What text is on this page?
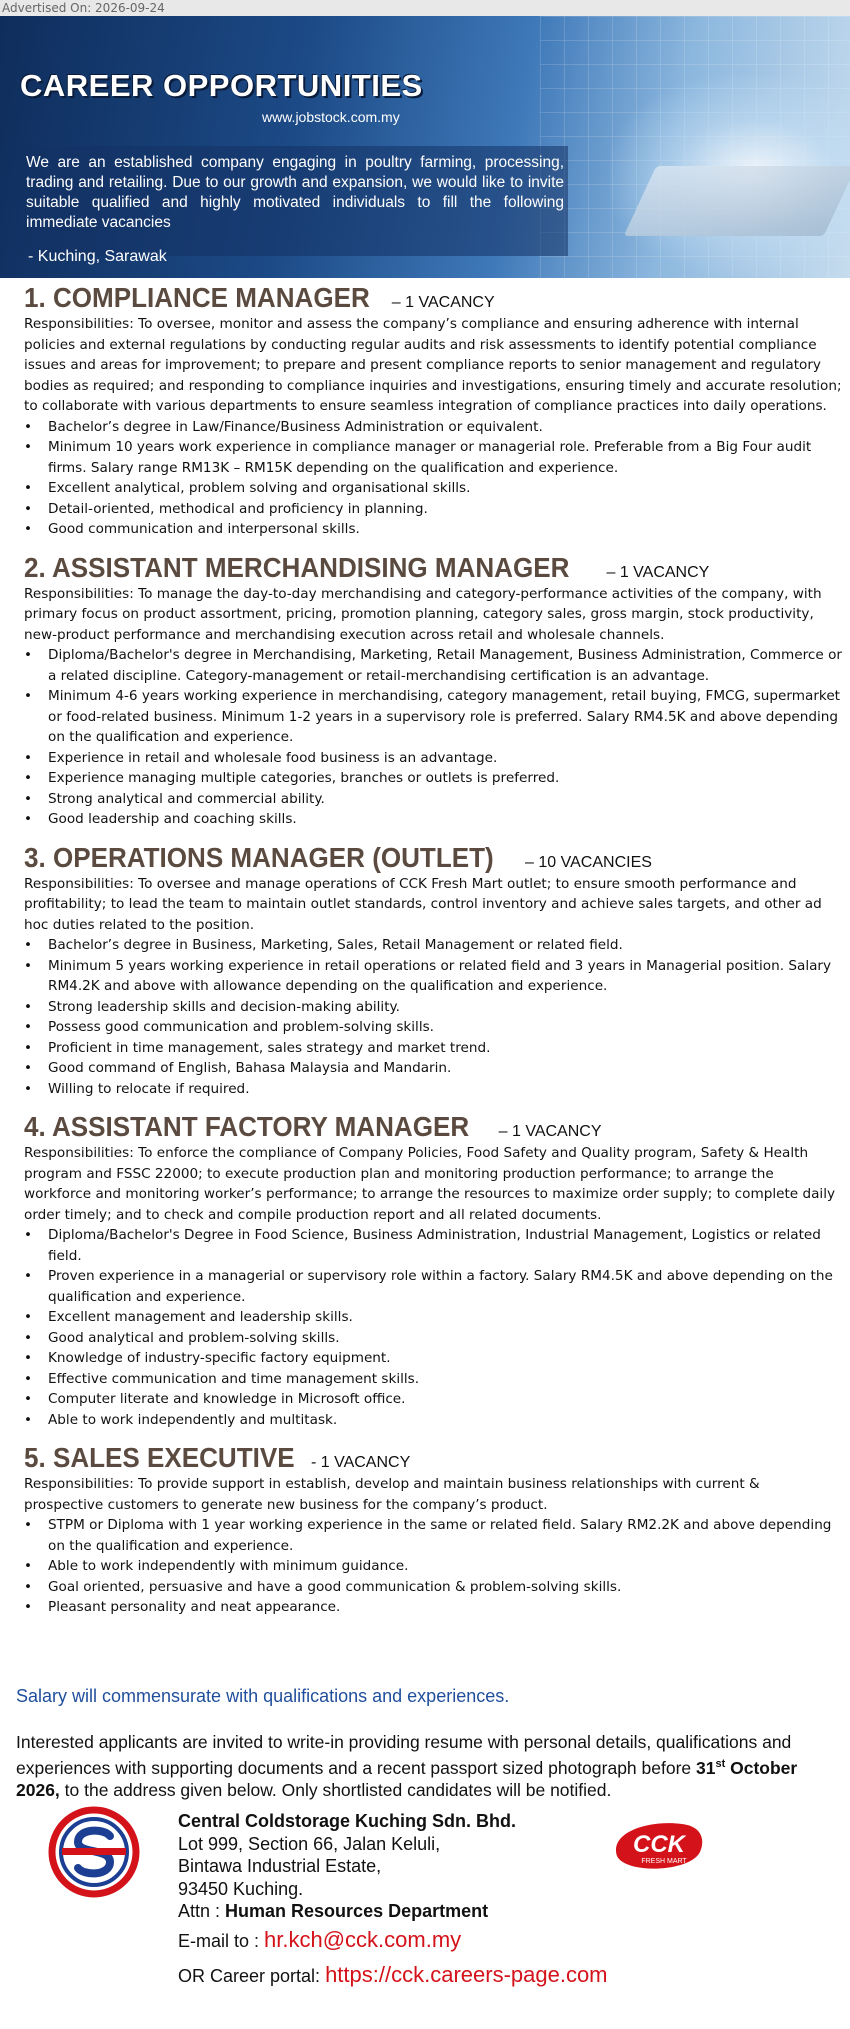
Advertised On: 2026-09-24
CAREER OPPORTUNITIES
www.jobstock.com.my
We are an established company engaging in poultry farming, processing, trading and retailing. Due to our growth and expansion, we would like to invite suitable qualified and highly motivated individuals to fill the following immediate vacancies
- Kuching, Sarawak
1. COMPLIANCE MANAGER – 1 VACANCY
Responsibilities: To oversee, monitor and assess the company’s compliance and ensuring adherence with internal policies and external regulations by conducting regular audits and risk assessments to identify potential compliance issues and areas for improvement; to prepare and present compliance reports to senior management and regulatory bodies as required; and responding to compliance inquiries and investigations, ensuring timely and accurate resolution; to collaborate with various departments to ensure seamless integration of compliance practices into daily operations.
• Bachelor’s degree in Law/Finance/Business Administration or equivalent.
• Minimum 10 years work experience in compliance manager or managerial role. Preferable from a Big Four audit firms. Salary range RM13K – RM15K depending on the qualification and experience.
• Excellent analytical, problem solving and organisational skills.
• Detail-oriented, methodical and proficiency in planning.
• Good communication and interpersonal skills.
2. ASSISTANT MERCHANDISING MANAGER – 1 VACANCY
Responsibilities: To manage the day-to-day merchandising and category-performance activities of the company, with primary focus on product assortment, pricing, promotion planning, category sales, gross margin, stock productivity, new-product performance and merchandising execution across retail and wholesale channels.
• Diploma/Bachelor's degree in Merchandising, Marketing, Retail Management, Business Administration, Commerce or a related discipline. Category-management or retail-merchandising certification is an advantage.
• Minimum 4-6 years working experience in merchandising, category management, retail buying, FMCG, supermarket or food-related business. Minimum 1-2 years in a supervisory role is preferred. Salary RM4.5K and above depending on the qualification and experience.
• Experience in retail and wholesale food business is an advantage.
• Experience managing multiple categories, branches or outlets is preferred.
• Strong analytical and commercial ability.
• Good leadership and coaching skills.
3. OPERATIONS MANAGER (OUTLET) – 10 VACANCIES
Responsibilities: To oversee and manage operations of CCK Fresh Mart outlet; to ensure smooth performance and profitability; to lead the team to maintain outlet standards, control inventory and achieve sales targets, and other ad hoc duties related to the position.
• Bachelor’s degree in Business, Marketing, Sales, Retail Management or related field.
• Minimum 5 years working experience in retail operations or related field and 3 years in Managerial position. Salary RM4.2K and above with allowance depending on the qualification and experience.
• Strong leadership skills and decision-making ability.
• Possess good communication and problem-solving skills.
• Proficient in time management, sales strategy and market trend.
• Good command of English, Bahasa Malaysia and Mandarin.
• Willing to relocate if required.
4. ASSISTANT FACTORY MANAGER – 1 VACANCY
Responsibilities: To enforce the compliance of Company Policies, Food Safety and Quality program, Safety & Health program and FSSC 22000; to execute production plan and monitoring production performance; to arrange the workforce and monitoring worker’s performance; to arrange the resources to maximize order supply; to complete daily order timely; and to check and compile production report and all related documents.
• Diploma/Bachelor's Degree in Food Science, Business Administration, Industrial Management, Logistics or related field.
• Proven experience in a managerial or supervisory role within a factory. Salary RM4.5K and above depending on the qualification and experience.
• Excellent management and leadership skills.
• Good analytical and problem-solving skills.
• Knowledge of industry-specific factory equipment.
• Effective communication and time management skills.
• Computer literate and knowledge in Microsoft office.
• Able to work independently and multitask.
5. SALES EXECUTIVE - 1 VACANCY
Responsibilities: To provide support in establish, develop and maintain business relationships with current & prospective customers to generate new business for the company’s product.
• STPM or Diploma with 1 year working experience in the same or related field. Salary RM2.2K and above depending on the qualification and experience.
• Able to work independently with minimum guidance.
• Goal oriented, persuasive and have a good communication & problem-solving skills.
• Pleasant personality and neat appearance.
Salary will commensurate with qualifications and experiences.
Interested applicants are invited to write-in providing resume with personal details, qualifications and experiences with supporting documents and a recent passport sized photograph before 31st October 2026, to the address given below. Only shortlisted candidates will be notified.
Central Coldstorage Kuching Sdn. Bhd.
Lot 999, Section 66, Jalan Keluli,
Bintawa Industrial Estate,
93450 Kuching.
Attn : Human Resources Department
E-mail to : hr.kch@cck.com.my
OR Career portal: https://cck.careers-page.com
CCK
FRESH MART
